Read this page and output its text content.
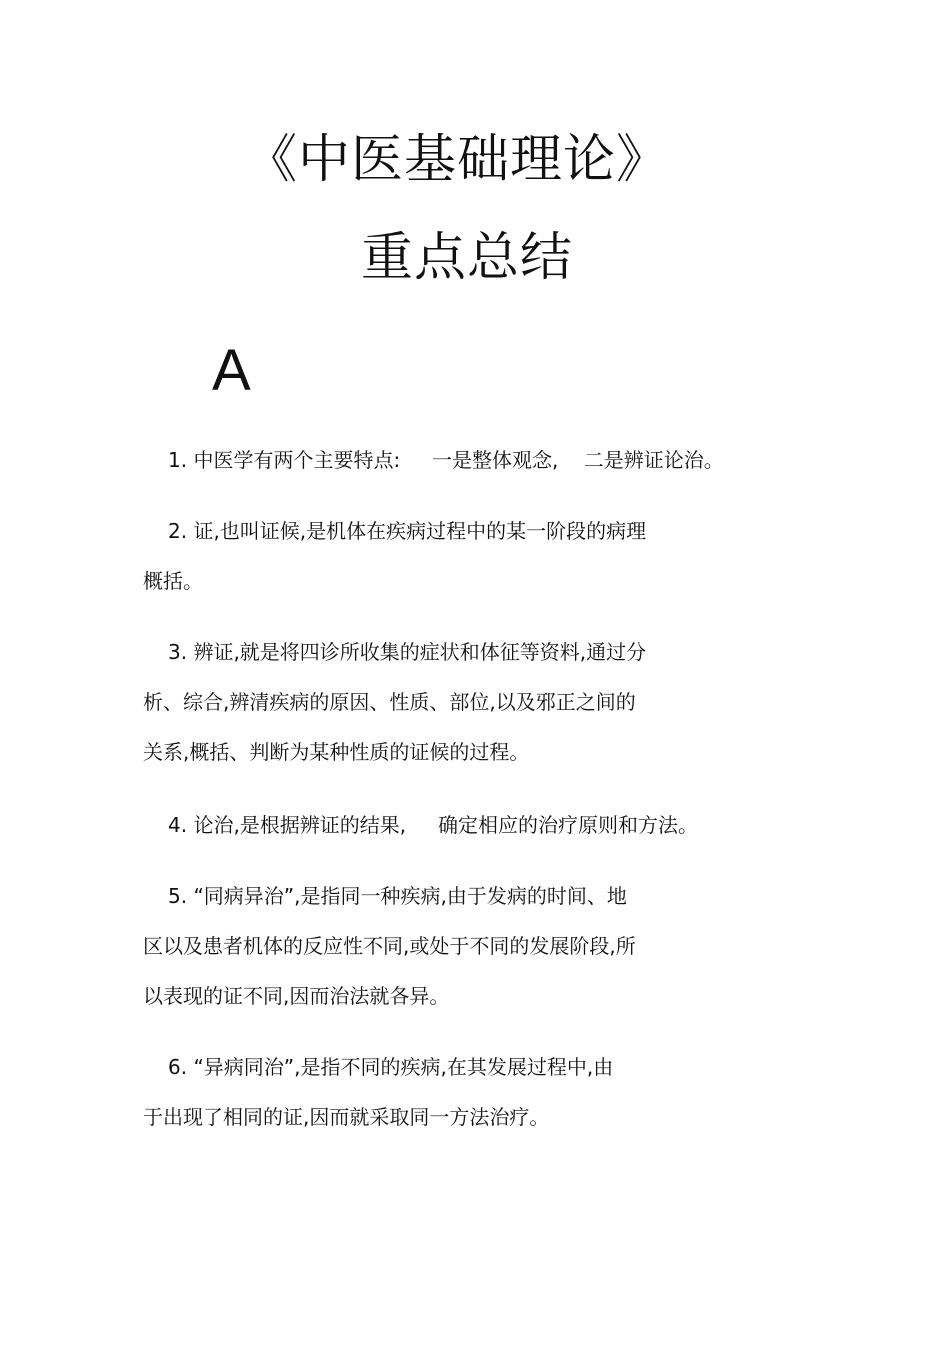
《中医基础理论》
重点总结
A
1. 中医学有两个主要特点:     一是整体观念,    二是辨证论治。
2. 证,也叫证候,是机体在疾病过程中的某一阶段的病理
概括。
3. 辨证,就是将四诊所收集的症状和体征等资料,通过分
析、综合,辨清疾病的原因、性质、部位,以及邪正之间的
关系,概括、判断为某种性质的证候的过程。
4. 论治,是根据辨证的结果,     确定相应的治疗原则和方法。
5. “同病异治”,是指同一种疾病,由于发病的时间、地
区以及患者机体的反应性不同,或处于不同的发展阶段,所
以表现的证不同,因而治法就各异。
6. “异病同治”,是指不同的疾病,在其发展过程中,由
于出现了相同的证,因而就采取同一方法治疗。
